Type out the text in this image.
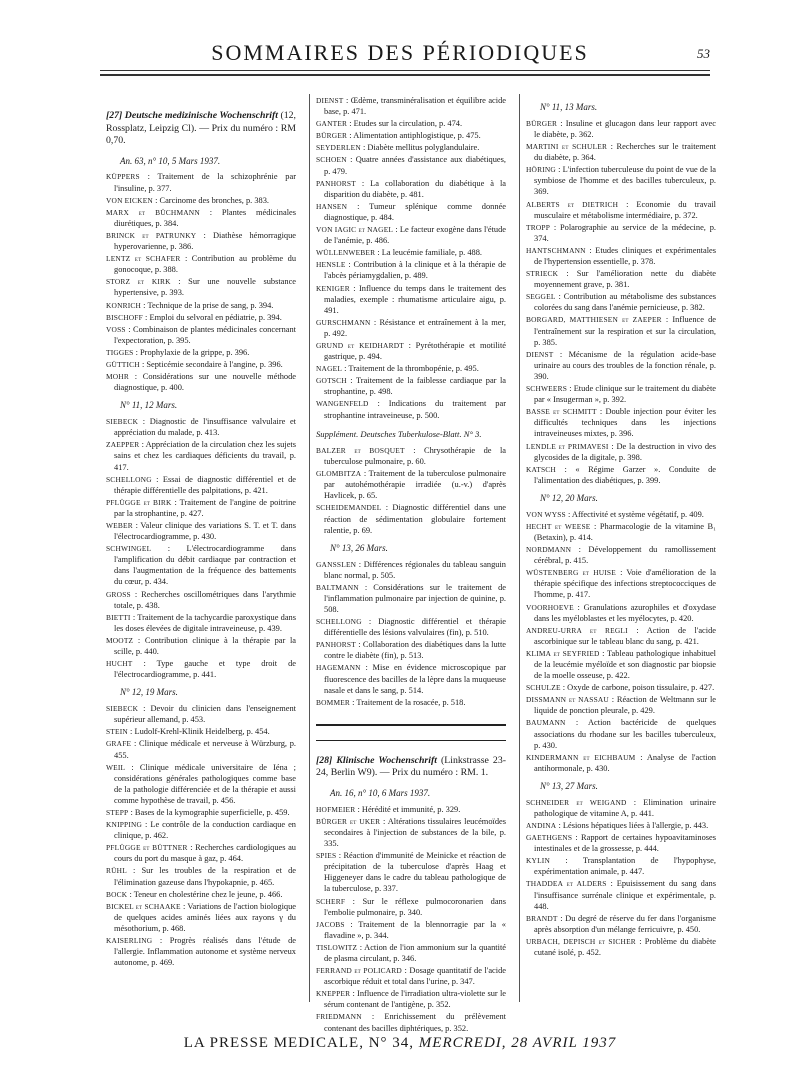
SOMMAIRES DES PÉRIODIQUES	53
[27] Deutsche medizinische Wochenschrift (12, Rossplatz, Leipzig Cl). — Prix du numéro : RM 0,70.
An. 63, n° 10, 5 Mars 1937.
KÜPPERS : Traitement de la schizophrénie par l'insuline, p. 377.
VON EICKEN : Carcinome des bronches, p. 383.
MARX et BÜCHMANN : Plantes médicinales diurétiques, p. 384.
BRINCK et PATRUNKY : Diathèse hémorragique hyperovarienne, p. 386.
LENTZ et SCHAFER : Contribution au problème du gonocoque, p. 388.
STORZ et KIRK : Sur une nouvelle substance hypertensive, p. 393.
KONRICH : Technique de la prise de sang, p. 394.
BISCHOFF : Emploi du selvoral en pédiatrie, p. 394.
VOSS : Combinaison de plantes médicinales concernant l'expectoration, p. 395.
TIGGES : Prophylaxie de la grippe, p. 396.
GÜTTICH : Septicémie secondaire à l'angine, p. 396.
MOHR : Considérations sur une nouvelle méthode diagnostique, p. 400.
N° 11, 12 Mars.
SIEBECK : Diagnostic de l'insuffisance valvulaire et appréciation du malade, p. 413.
ZAEPPER : Appréciation de la circulation chez les sujets sains et chez les cardiaques déficients du travail, p. 417.
SCHELLONG : Essai de diagnostic différentiel et de thérapie différentielle des palpitations, p. 421.
PFLÜGGE et BIRK : Traitement de l'angine de poitrine par la strophantine, p. 427.
WEBER : Valeur clinique des variations S. T. et T. dans l'électrocardiogramme, p. 430.
SCHWINGEL : L'électrocardiogramme dans l'amplification du débit cardiaque par contraction et dans l'augmentation de la fréquence des battements du cœur, p. 434.
GROSS : Recherches oscillométriques dans l'arythmie totale, p. 438.
BIETTI : Traitement de la tachycardie paroxystique dans les doses élevées de digitale intraveineuse, p. 439.
MOOTZ : Contribution clinique à la thérapie par la scille, p. 440.
HUCHT : Type gauche et type droit de l'électrocardiogramme, p. 441.
N° 12, 19 Mars.
SIEBECK : Devoir du clinicien dans l'enseignement supérieur allemand, p. 453.
STEIN : Ludolf-Krehl-Klinik Heidelberg, p. 454.
GRAFE : Clinique médicale et nerveuse à Würzburg, p. 455.
WEIL : Clinique médicale universitaire de Iéna ; considérations générales pathologiques comme base de la pathologie différenciée et de la thérapie et aussi comme hypothèse de travail, p. 456.
STEPP : Bases de la kymographie superficielle, p. 459.
KNIPPING : Le contrôle de la conduction cardiaque en clinique, p. 462.
PFLÜGGE et BÜTTNER : Recherches cardiologiques au cours du port du masque à gaz, p. 464.
RÜHL : Sur les troubles de la respiration et de l'élimination gazeuse dans l'hypokapnie, p. 465.
BOCK : Teneur en cholestérine chez le jeune, p. 466.
BICKEL et SCHAAKE : Variations de l'action biologique de quelques acides aminés liées aux rayons γ du mésothorium, p. 468.
KAISERLING : Progrès réalisés dans l'étude de l'allergie. Inflammation autonome et système nerveux autonome, p. 469.
DIENST : Œdème, transminéralisation et équilibre acide base, p. 471.
GANTER : Etudes sur la circulation, p. 474.
BÜRGER : Alimentation antiphlogistique, p. 475.
SEYDERLEN : Diabète mellitus polyglandulaire.
SCHOEN : Quatre années d'assistance aux diabétiques, p. 479.
PANHORST : La collaboration du diabétique à la disparition du diabète, p. 481.
HANSEN : Tumeur splénique comme donnée diagnostique, p. 484.
VON IAGIC et NAGEL : Le facteur exogène dans l'étude de l'anémie, p. 486.
WÜLLENWEBER : La leucémie familiale, p. 488.
HENSLE : Contribution à la clinique et à la thérapie de l'abcès périamygdalien, p. 489.
KENIGER : Influence du temps dans le traitement des maladies, exemple : rhumatisme articulaire aigu, p. 491.
GURSCHMANN : Résistance et entraînement à la mer, p. 492.
GRUND et KEIDHARDT : Pyrétothérapie et motilité gastrique, p. 494.
NAGEL : Traitement de la thrombopénie, p. 495.
GOTSCH : Traitement de la faiblesse cardiaque par la strophantine, p. 498.
WANGENFELD : Indications du traitement par strophantine intraveineuse, p. 500.
Supplément. Deutsches Tuberkulose-Blatt. N° 3.
BALZER et BOSQUET : Chrysothérapie de la tuberculose pulmonaire, p. 60.
GLOMBITZA : Traitement de la tuberculose pulmonaire par autohémothérapie irradiée (u.-v.) d'après Havlicek, p. 65.
SCHEIDEMANDEL : Diagnostic différentiel dans une réaction de sédimentation globulaire fortement ralentie, p. 69.
N° 13, 26 Mars.
GANSSLEN : Différences régionales du tableau sanguin blanc normal, p. 505.
BALTMANN : Considérations sur le traitement de l'inflammation pulmonaire par injection de quinine, p. 508.
SCHELLONG : Diagnostic différentiel et thérapie différentielle des lésions valvulaires (fin), p. 510.
PANHORST : Collaboration des diabétiques dans la lutte contre le diabète (fin), p. 513.
HAGEMANN : Mise en évidence microscopique par fluorescence des bacilles de la lèpre dans la muqueuse nasale et dans le sang, p. 514.
BOMMER : Traitement de la rosacée, p. 518.
[28] Klinische Wochenschrift (Linkstrasse 23-24, Berlin W9). — Prix du numéro : RM. 1.
An. 16, n° 10, 6 Mars 1937.
HOFMEIER : Hérédité et immunité, p. 329.
BÜRGER et UKER : Altérations tissulaires leucémoïdes secondaires à l'injection de substances de la bile, p. 335.
SPIES : Réaction d'immunité de Meinicke et réaction de précipitation de la tuberculose d'après Haag et Higgeneyer dans le cadre du tableau pathologique de la tuberculose, p. 337.
SCHERF : Sur le réflexe pulmocoronarien dans l'embolie pulmonaire, p. 340.
JACOBS : Traitement de la blennorragie par la « flavadine », p. 344.
TISLOWITZ : Action de l'ion ammonium sur la quantité de plasma circulant, p. 346.
FERRAND et POLICARD : Dosage quantitatif de l'acide ascorbique réduit et total dans l'urine, p. 347.
KNEPPER : Influence de l'irradiation ultra-violette sur le sérum contenant de l'antigène, p. 352.
FRIEDMANN : Enrichissement du prélèvement contenant des bacilles diphtériques, p. 352.
N° 11, 13 Mars.
BÜRGER : Insuline et glucagon dans leur rapport avec le diabète, p. 362.
MARTINI et SCHULER : Recherches sur le traitement du diabète, p. 364.
HÖRING : L'infection tuberculeuse du point de vue de la symbiose de l'homme et des bacilles tuberculeux, p. 369.
ALBERTS et DIETRICH : Economie du travail musculaire et métabolisme intermédiaire, p. 372.
TROPP : Polarographie au service de la médecine, p. 374.
HANTSCHMANN : Etudes cliniques et expérimentales de l'hypertension essentielle, p. 378.
STRIECK : Sur l'amélioration nette du diabète moyennement grave, p. 381.
SEGGEL : Contribution au métabolisme des substances colorées du sang dans l'anémie pernicieuse, p. 382.
BORGARD, MATTHIESEN et ZAEPER : Influence de l'entraînement sur la respiration et sur la circulation, p. 385.
DIENST : Mécanisme de la régulation acide-base urinaire au cours des troubles de la fonction rénale, p. 390.
SCHWEERS : Etude clinique sur le traitement du diabète par « Insugerman », p. 392.
BASSE et SCHMITT : Double injection pour éviter les difficultés techniques dans les injections intraveineuses mixtes, p. 396.
LENDLE et PRIMAVESI : De la destruction in vivo des glycosides de la digitale, p. 398.
KATSCH : « Régime Garzer ». Conduite de l'alimentation des diabétiques, p. 399.
N° 12, 20 Mars.
VON WYSS : Affectivité et système végétatif, p. 409.
HECHT et WEESE : Pharmacologie de la vitamine B₁ (Betaxin), p. 414.
NORDMANN : Développement du ramollissement cérébral, p. 415.
WÜSTENBERG et HUISE : Voie d'amélioration de la thérapie spécifique des infections streptococciques de l'homme, p. 417.
VOORHOEVE : Granulations azurophiles et d'oxydase dans les myéloblastes et les myélocytes, p. 420.
ANDREU-URRA et REGLI : Action de l'acide ascorbinique sur le tableau blanc du sang, p. 421.
KLIMA et SEYFRIED : Tableau pathologique inhabituel de la leucémie myéloïde et son diagnostic par biopsie de la moelle osseuse, p. 422.
SCHULZE : Oxyde de carbone, poison tissulaire, p. 427.
DISSMANN et NASSAU : Réaction de Weltmann sur le liquide de ponction pleurale, p. 429.
BAUMANN : Action bactéricide de quelques associations du rhodane sur les bacilles tuberculeux, p. 430.
KINDERMANN et EICHBAUM : Analyse de l'action antihormonale, p. 430.
N° 13, 27 Mars.
SCHNEIDER et WEIGAND : Elimination urinaire pathologique de vitamine A, p. 441.
ANDINA : Lésions hépatiques liées à l'allergie, p. 443.
GAETHGENS : Rapport de certaines hypoavitaminoses intestinales et de la grossesse, p. 444.
KYLIN : Transplantation de l'hypophyse, expérimentation animale, p. 447.
THADDEA et ALDERS : Epuisissement du sang dans l'insuffisance surrénale clinique et expérimentale, p. 448.
BRANDT : Du degré de réserve du fer dans l'organisme après absorption d'un mélange ferricuivre, p. 450.
URBACH, DEPISCH et SICHER : Problème du diabète cutané isolé, p. 452.
LA PRESSE MEDICALE, N° 34, MERCREDI, 28 AVRIL 1937
